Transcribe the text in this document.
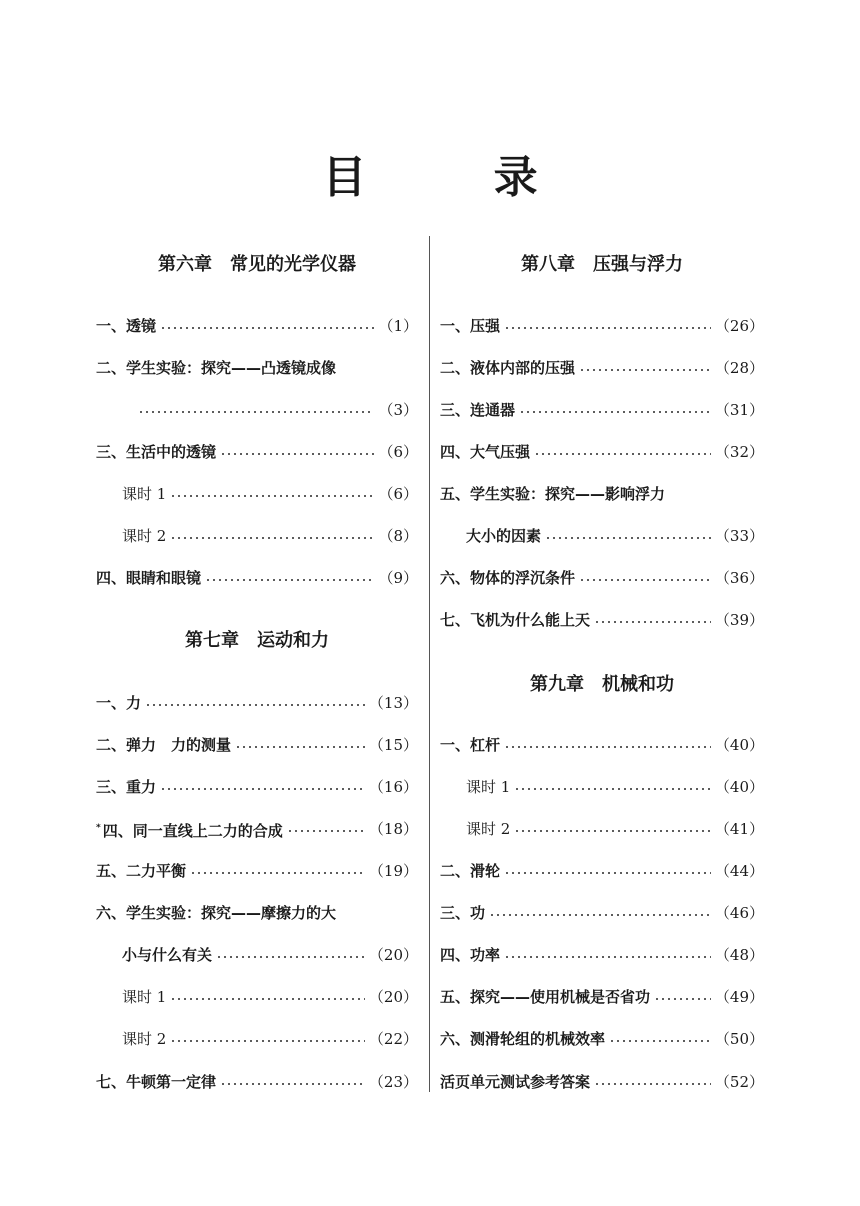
目 录
第六章　常见的光学仪器
一、透镜	（1）
二、学生实验：探究——凸透镜成像
（3）
三、生活中的透镜	（6）
课时 1	（6）
课时 2	（8）
四、眼睛和眼镜	（9）
第七章　运动和力
一、力	（13）
二、弹力　力的测量	（15）
三、重力	（16）
* 四、同一直线上二力的合成	（18）
五、二力平衡	（19）
六、学生实验：探究——摩擦力的大
小与什么有关	（20）
课时 1	（20）
课时 2	（22）
七、牛顿第一定律	（23）
第八章　压强与浮力
一、压强	（26）
二、液体内部的压强	（28）
三、连通器	（31）
四、大气压强	（32）
五、学生实验：探究——影响浮力
大小的因素	（33）
六、物体的浮沉条件	（36）
七、飞机为什么能上天	（39）
第九章　机械和功
一、杠杆	（40）
课时 1	（40）
课时 2	（41）
二、滑轮	（44）
三、功	（46）
四、功率	（48）
五、探究——使用机械是否省功	（49）
六、测滑轮组的机械效率	（50）
活页单元测试参考答案	（52）
